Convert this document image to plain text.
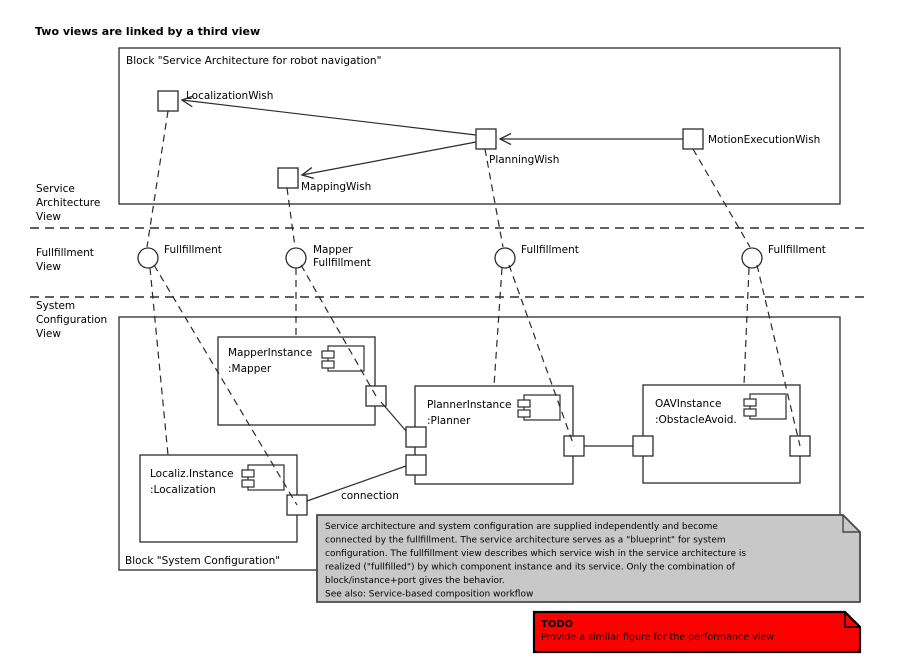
Two views are linked by a third view
Service
Architecture
View
Fullfillment
View
System
Configuration
View
Block "Service Architecture for robot navigation"
LocalizationWish
MappingWish
PlanningWish
MotionExecutionWish
Block "System Configuration"
MapperInstance
:Mapper
Localiz.Instance
:Localization
PlannerInstance
:Planner
OAVInstance
:ObstacleAvoid.
connection
Fullfillment	Mapper
Fullfillment
Fullfillment	Fullfillment
Service architecture and system configuration are supplied independently and become
connected by the fullfillment. The service architecture serves as a "blueprint" for system
configuration. The fullfillment view describes which service wish in the service architecture is
realized ("fullfilled") by which component instance and its service. Only the combination of
block/instance+port gives the behavior.
See also: Service-based composition workflow
TODO
Provide a similar figure for the performance view
